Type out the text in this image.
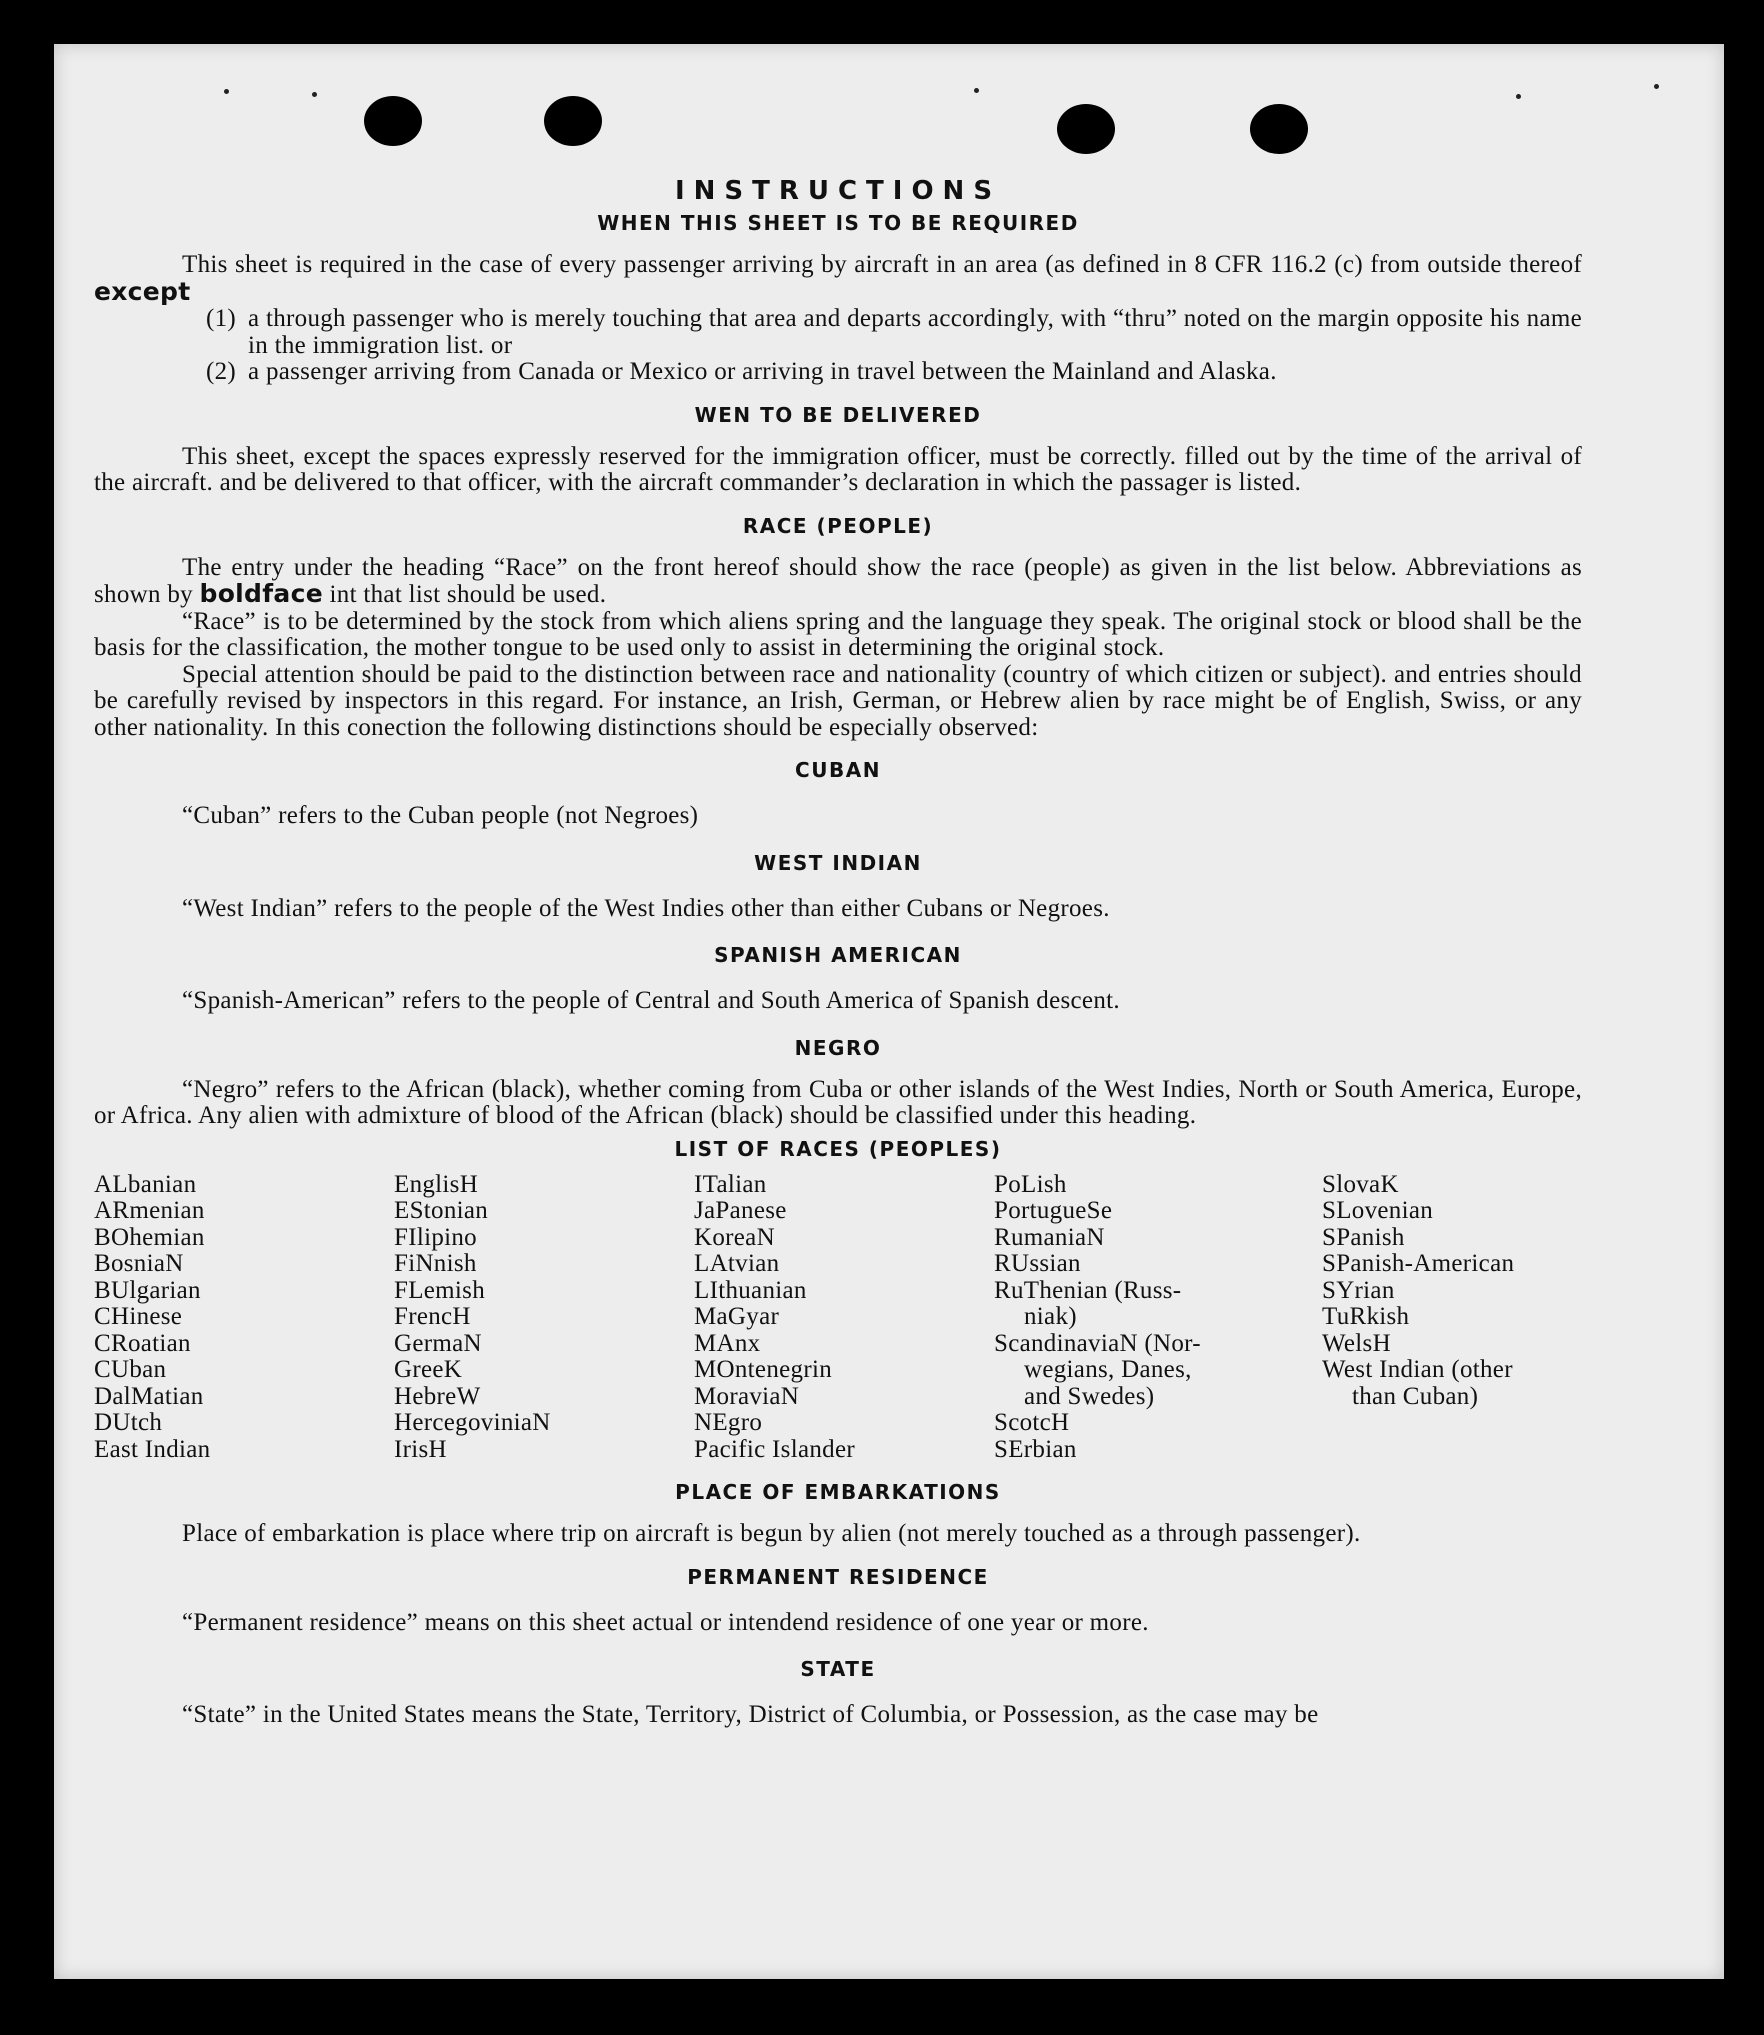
INSTRUCTIONS

WHEN THIS SHEET IS TO BE REQUIRED

This sheet is required in the case of every passenger arriving by aircraft in an area (as defined in 8 CFR 116.2 (c) from outside thereof except

(1) a through passenger who is merely touching that area and departs accordingly, with “thru” noted on the margin opposite his name in the immigration list. or
(2) a passenger arriving from Canada or Mexico or arriving in travel between the Mainland and Alaska.

WEN TO BE DELIVERED

This sheet, except the spaces expressly reserved for the immigration officer, must be correctly. filled out by the time of the arrival of the aircraft. and be delivered to that officer, with the aircraft commander’s declaration in which the passager is listed.

RACE (PEOPLE)

The entry under the heading “Race” on the front hereof should show the race (people) as given in the list below. Abbreviations as shown by boldface int that list should be used.

“Race” is to be determined by the stock from which aliens spring and the language they speak. The original stock or blood shall be the basis for the classification, the mother tongue to be used only to assist in determining the original stock.

Special attention should be paid to the distinction between race and nationality (country of which citizen or subject). and entries should be carefully revised by inspectors in this regard. For instance, an Irish, German, or Hebrew alien by race might be of English, Swiss, or any other nationality. In this conection the following distinctions should be especially observed:

CUBAN

“Cuban” refers to the Cuban people (not Negroes)

WEST INDIAN

“West Indian” refers to the people of the West Indies other than either Cubans or Negroes.

SPANISH AMERICAN

“Spanish-American” refers to the people of Central and South America of Spanish descent.

NEGRO

“Negro” refers to the African (black), whether coming from Cuba or other islands of the West Indies, North or South America, Europe, or Africa. Any alien with admixture of blood of the African (black) should be classified under this heading.

LIST OF RACES (PEOPLES)

ALbanian
ARmenian
BOhemian
BosniaN
BUlgarian
CHinese
CRoatian
CUban
DalMatian
DUtch
East Indian
EnglisH
EStonian
FIlipino
FiNnish
FLemish
FrencH
GermaN
GreeK
HebreW
HercegoviniaN
IrisH
ITalian
JaPanese
KoreaN
LAtvian
LIthuanian
MaGyar
MAnx
MOntenegrin
MoraviaN
NEgro
Pacific Islander
PoLish
PortugueSe
RumaniaN
RUssian
RuThenian (Russ-
niak)
ScandinaviaN (Nor-
wegians, Danes,
and Swedes)
ScotcH
SErbian
SlovaK
SLovenian
SPanish
SPanish-American
SYrian
TuRkish
WelsH
West Indian (other
than Cuban)

PLACE OF EMBARKATIONS

Place of embarkation is place where trip on aircraft is begun by alien (not merely touched as a through passenger).

PERMANENT RESIDENCE

“Permanent residence” means on this sheet actual or intendend residence of one year or more.

STATE

“State” in the United States means the State, Territory, District of Columbia, or Possession, as the case may be
